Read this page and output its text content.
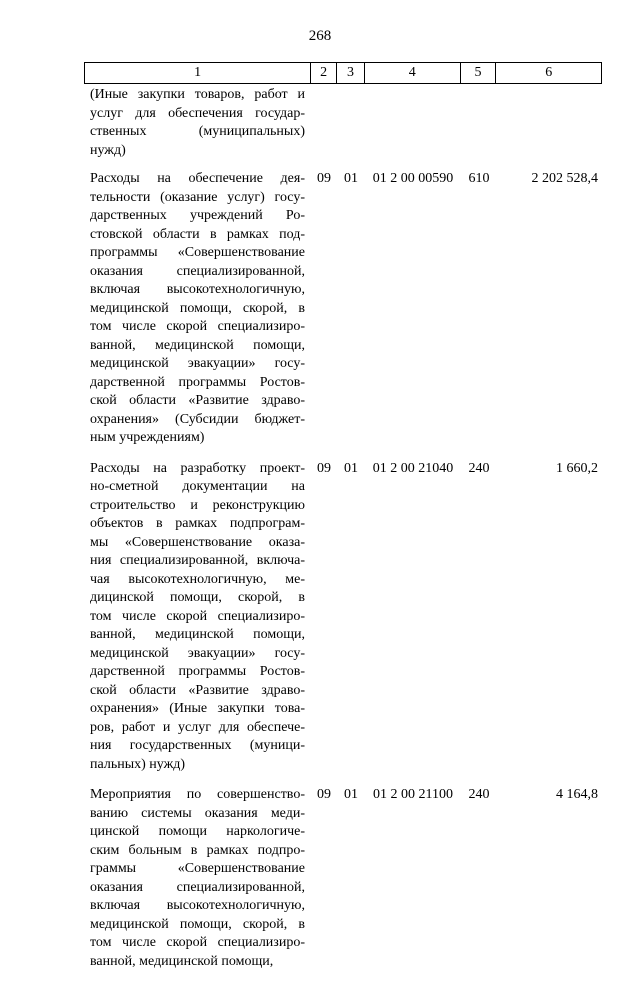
268
1	2	3	4	5	6
(Иные закупки товаров, работ и
услуг для обеспечения государ-
ственных (муниципальных)
нужд)
Расходы на обеспечение дея-
тельности (оказание услуг) госу-
дарственных учреждений Ро-
стовской области в рамках под-
программы «Совершенствование
оказания специализированной,
включая высокотехнологичную,
медицинской помощи, скорой, в
том числе скорой специализиро-
ванной, медицинской помощи,
медицинской эвакуации» госу-
дарственной программы Ростов-
ской области «Развитие здраво-
охранения» (Субсидии бюджет-
ным учреждениям)
09 01	01 2 00 00590	610	2 202 528,4
Расходы на разработку проект-
но-сметной документации на
строительство и реконструкцию
объектов в рамках подпрограм-
мы «Совершенствование оказа-
ния специализированной, включа-
чая высокотехнологичную, ме-
дицинской помощи, скорой, в
том числе скорой специализиро-
ванной, медицинской помощи,
медицинской эвакуации» госу-
дарственной программы Ростов-
ской области «Развитие здраво-
охранения» (Иные закупки това-
ров, работ и услуг для обеспече-
ния государственных (муници-
пальных) нужд)
09 01	01 2 00 21040	240	1 660,2
Мероприятия по совершенство-
ванию системы оказания меди-
цинской помощи наркологиче-
ским больным в рамках подпро-
граммы «Совершенствование
оказания специализированной,
включая высокотехнологичную,
медицинской помощи, скорой, в
том числе скорой специализиро-
ванной, медицинской помощи,
09 01	01 2 00 21100	240	4 164,8
